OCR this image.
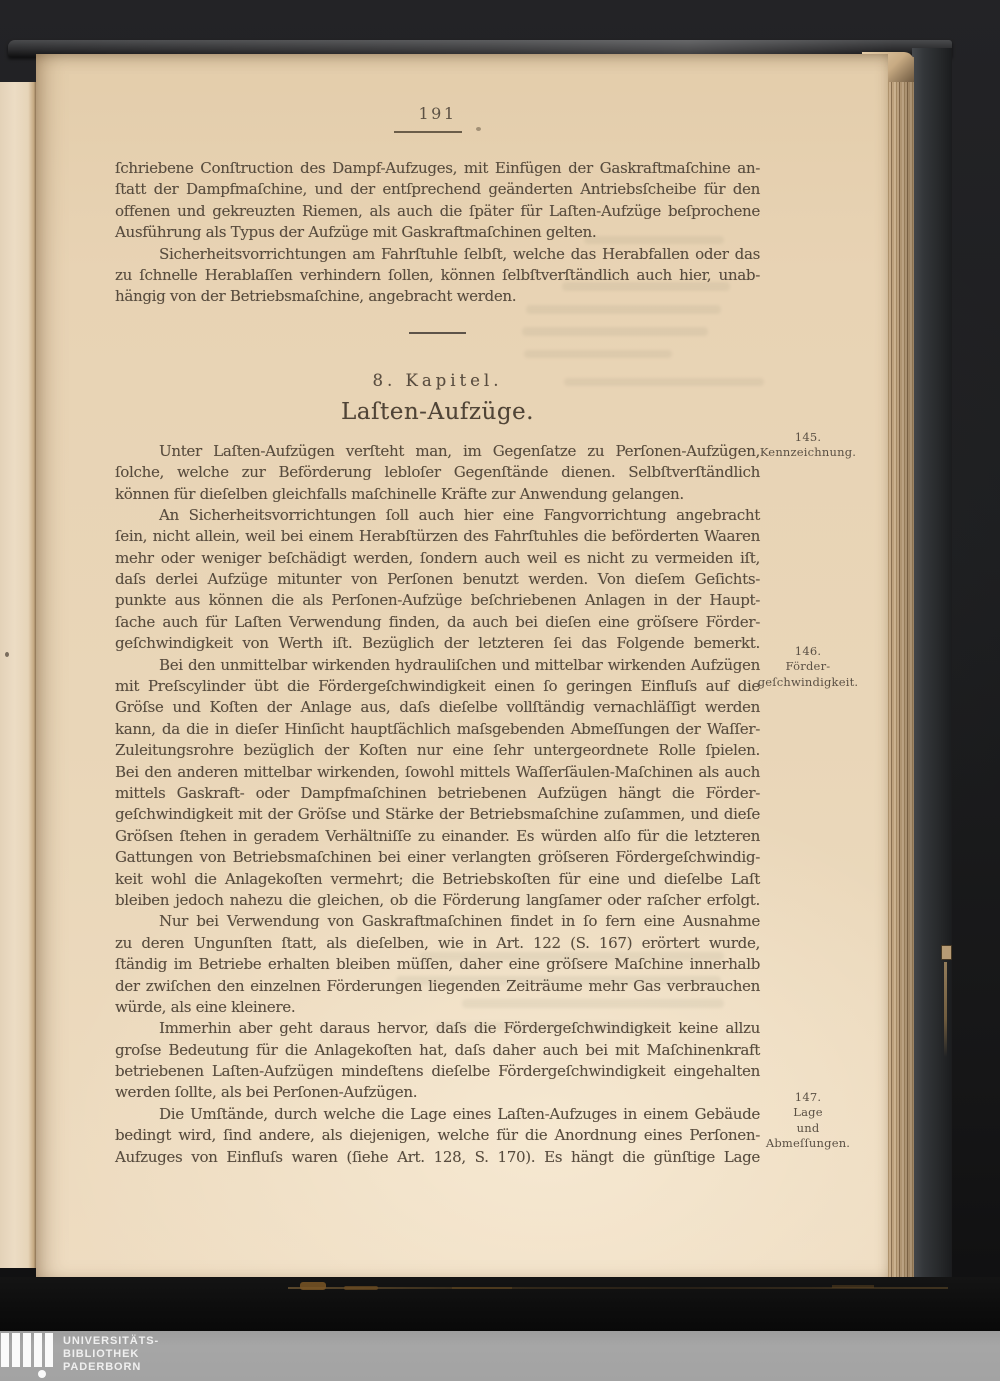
191
ſchriebene Conſtruction des Dampf-Aufzuges, mit Einfügen der Gaskraftmaſchine an-
ſtatt der Dampfmaſchine, und der entſprechend geänderten Antriebsſcheibe für den
offenen und gekreuzten Riemen, als auch die ſpäter für Laſten-Aufzüge beſprochene
Ausführung als Typus der Aufzüge mit Gaskraftmaſchinen gelten.
Sicherheitsvorrichtungen am Fahrſtuhle ſelbſt, welche das Herabfallen oder das
zu ſchnelle Herablaſſen verhindern ſollen, können ſelbſtverſtändlich auch hier, unab-
hängig von der Betriebsmaſchine, angebracht werden.
8. Kapitel.
Laſten-Aufzüge.
Unter Laſten-Aufzügen verſteht man, im Gegenſatze zu Perſonen-Aufzügen,
ſolche, welche zur Beförderung lebloſer Gegenſtände dienen. Selbſtverſtändlich
können für dieſelben gleichfalls maſchinelle Kräfte zur Anwendung gelangen.
An Sicherheitsvorrichtungen ſoll auch hier eine Fangvorrichtung angebracht
ſein, nicht allein, weil bei einem Herabſtürzen des Fahrſtuhles die beförderten Waaren
mehr oder weniger beſchädigt werden, ſondern auch weil es nicht zu vermeiden iſt,
daſs derlei Aufzüge mitunter von Perſonen benutzt werden. Von dieſem Geſichts-
punkte aus können die als Perſonen-Aufzüge beſchriebenen Anlagen in der Haupt-
ſache auch für Laſten Verwendung finden, da auch bei dieſen eine gröſsere Förder-
geſchwindigkeit von Werth iſt. Bezüglich der letzteren ſei das Folgende bemerkt.
Bei den unmittelbar wirkenden hydrauliſchen und mittelbar wirkenden Aufzügen
mit Preſscylinder übt die Fördergeſchwindigkeit einen ſo geringen Einfluſs auf die
Gröſse und Koſten der Anlage aus, daſs dieſelbe vollſtändig vernachläſſigt werden
kann, da die in dieſer Hinſicht hauptſächlich maſsgebenden Abmeſſungen der Waſſer-
Zuleitungsrohre bezüglich der Koſten nur eine ſehr untergeordnete Rolle ſpielen.
Bei den anderen mittelbar wirkenden, ſowohl mittels Waſſerſäulen-Maſchinen als auch
mittels Gaskraft- oder Dampfmaſchinen betriebenen Aufzügen hängt die Förder-
geſchwindigkeit mit der Gröſse und Stärke der Betriebsmaſchine zuſammen, und dieſe
Gröſsen ſtehen in geradem Verhältniſſe zu einander. Es würden alſo für die letzteren
Gattungen von Betriebsmaſchinen bei einer verlangten gröſseren Fördergeſchwindig-
keit wohl die Anlagekoſten vermehrt; die Betriebskoſten für eine und dieſelbe Laſt
bleiben jedoch nahezu die gleichen, ob die Förderung langſamer oder raſcher erfolgt.
Nur bei Verwendung von Gaskraftmaſchinen findet in ſo fern eine Ausnahme
zu deren Ungunſten ſtatt, als dieſelben, wie in Art. 122 (S. 167) erörtert wurde,
ſtändig im Betriebe erhalten bleiben müſſen, daher eine gröſsere Maſchine innerhalb
der zwiſchen den einzelnen Förderungen liegenden Zeiträume mehr Gas verbrauchen
würde, als eine kleinere.
Immerhin aber geht daraus hervor, daſs die Fördergeſchwindigkeit keine allzu
groſse Bedeutung für die Anlagekoſten hat, daſs daher auch bei mit Maſchinenkraft
betriebenen Laſten-Aufzügen mindeſtens dieſelbe Fördergeſchwindigkeit eingehalten
werden ſollte, als bei Perſonen-Aufzügen.
Die Umſtände, durch welche die Lage eines Laſten-Aufzuges in einem Gebäude
bedingt wird, ſind andere, als diejenigen, welche für die Anordnung eines Perſonen-
Aufzuges von Einfluſs waren (ſiehe Art. 128, S. 170). Es hängt die günſtige Lage
145.
Kennzeichnung.
146.
Förder-
geſchwindigkeit.
147.
Lage
und
Abmeſſungen.
UNIVERSITÄTS-
BIBLIOTHEK
PADERBORN
